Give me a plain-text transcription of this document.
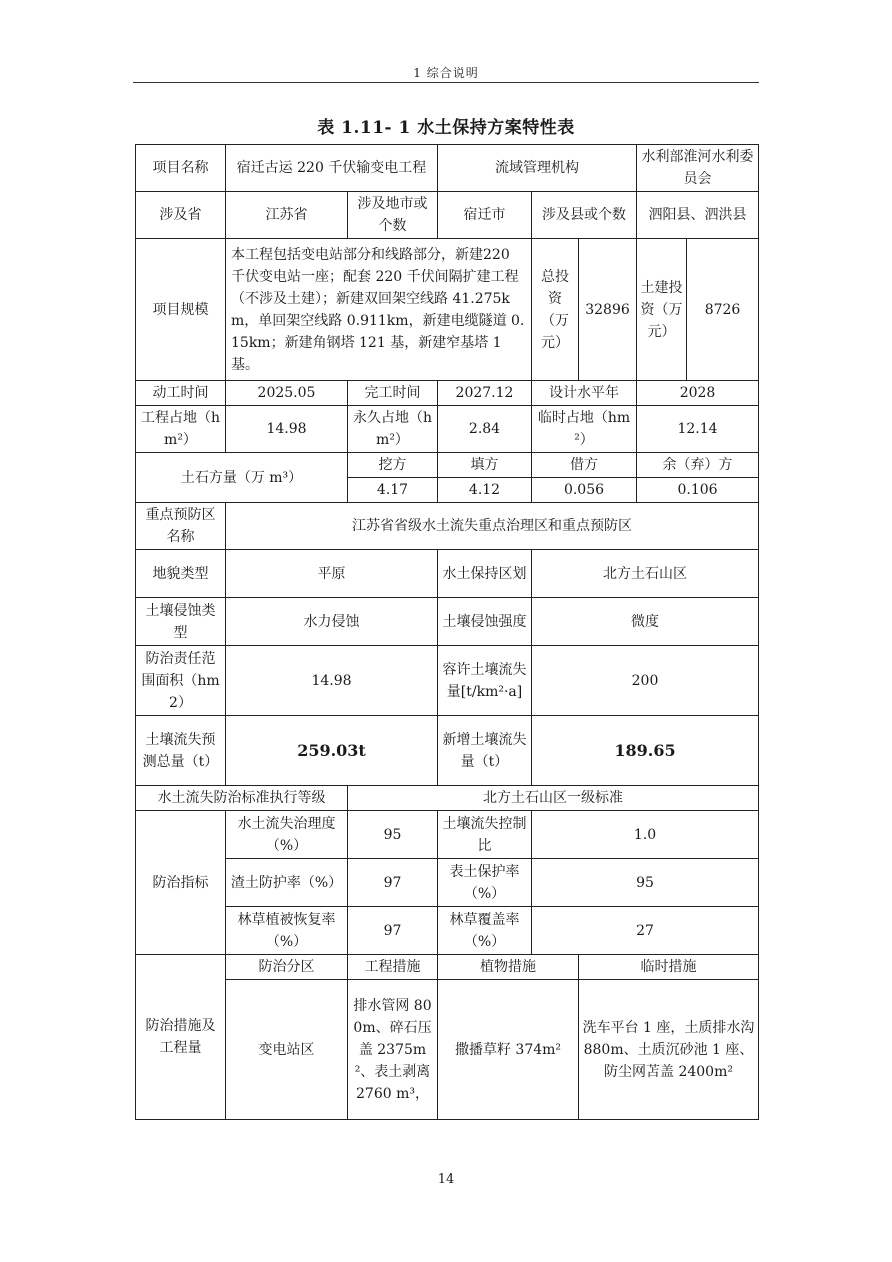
1 综合说明
表 1.11- 1 水土保持方案特性表
项目名称	宿迁古运 220 千伏输变电工程		流域管理机构			水利部淮河水利委员会	
涉及省	江苏省	涉及地市或个数	宿迁市	涉及县或个数		泗阳县、泗洪县	
项目规模	本工程包括变电站部分和线路部分，新建220 千伏变电站一座；配套 220 千伏间隔扩建工程（不涉及土建）；新建双回架空线路 41.275km，单回架空线路 0.911km，新建电缆隧道 0.15km；新建角钢塔 121 基，新建窄基塔 1 基。			总投资（万元）	32896	土建投资（万元）	8726
动工时间	2025.05	完工时间	2027.12	设计水平年		2028	
工程占地（hm²）	14.98	永久占地（hm²）	2.84	临时占地（hm²）		12.14	
土石方量（万 m³）		挖方	填方	借方		余（弃）方	
		4.17	4.12	0.056		0.106	
重点预防区名称	江苏省省级水土流失重点治理区和重点预防区						
地貌类型	平原		水土保持区划	北方土石山区			
土壤侵蚀类型	水力侵蚀		土壤侵蚀强度	微度			
防治责任范围面积（hm2）	14.98		容许土壤流失量[t/km²·a]	200			
土壤流失预测总量（t）	259.03t		新增土壤流失量（t）	189.65			
水土流失防治标准执行等级		北方土石山区一级标准					
防治指标	水土流失治理度（%）	95	土壤流失控制比	1.0			
	渣土防护率（%）	97	表土保护率（%）	95			
	林草植被恢复率（%）	97	林草覆盖率（%）	27			
防治措施及工程量	防治分区	工程措施	植物措施		临时措施		
	变电站区	排水管网 800m、碎石压盖 2375m²、表土剥离 2760 m³，	撒播草籽 374m²		洗车平台 1 座，土质排水沟 880m、土质沉砂池 1 座、防尘网苫盖 2400m²		
14
